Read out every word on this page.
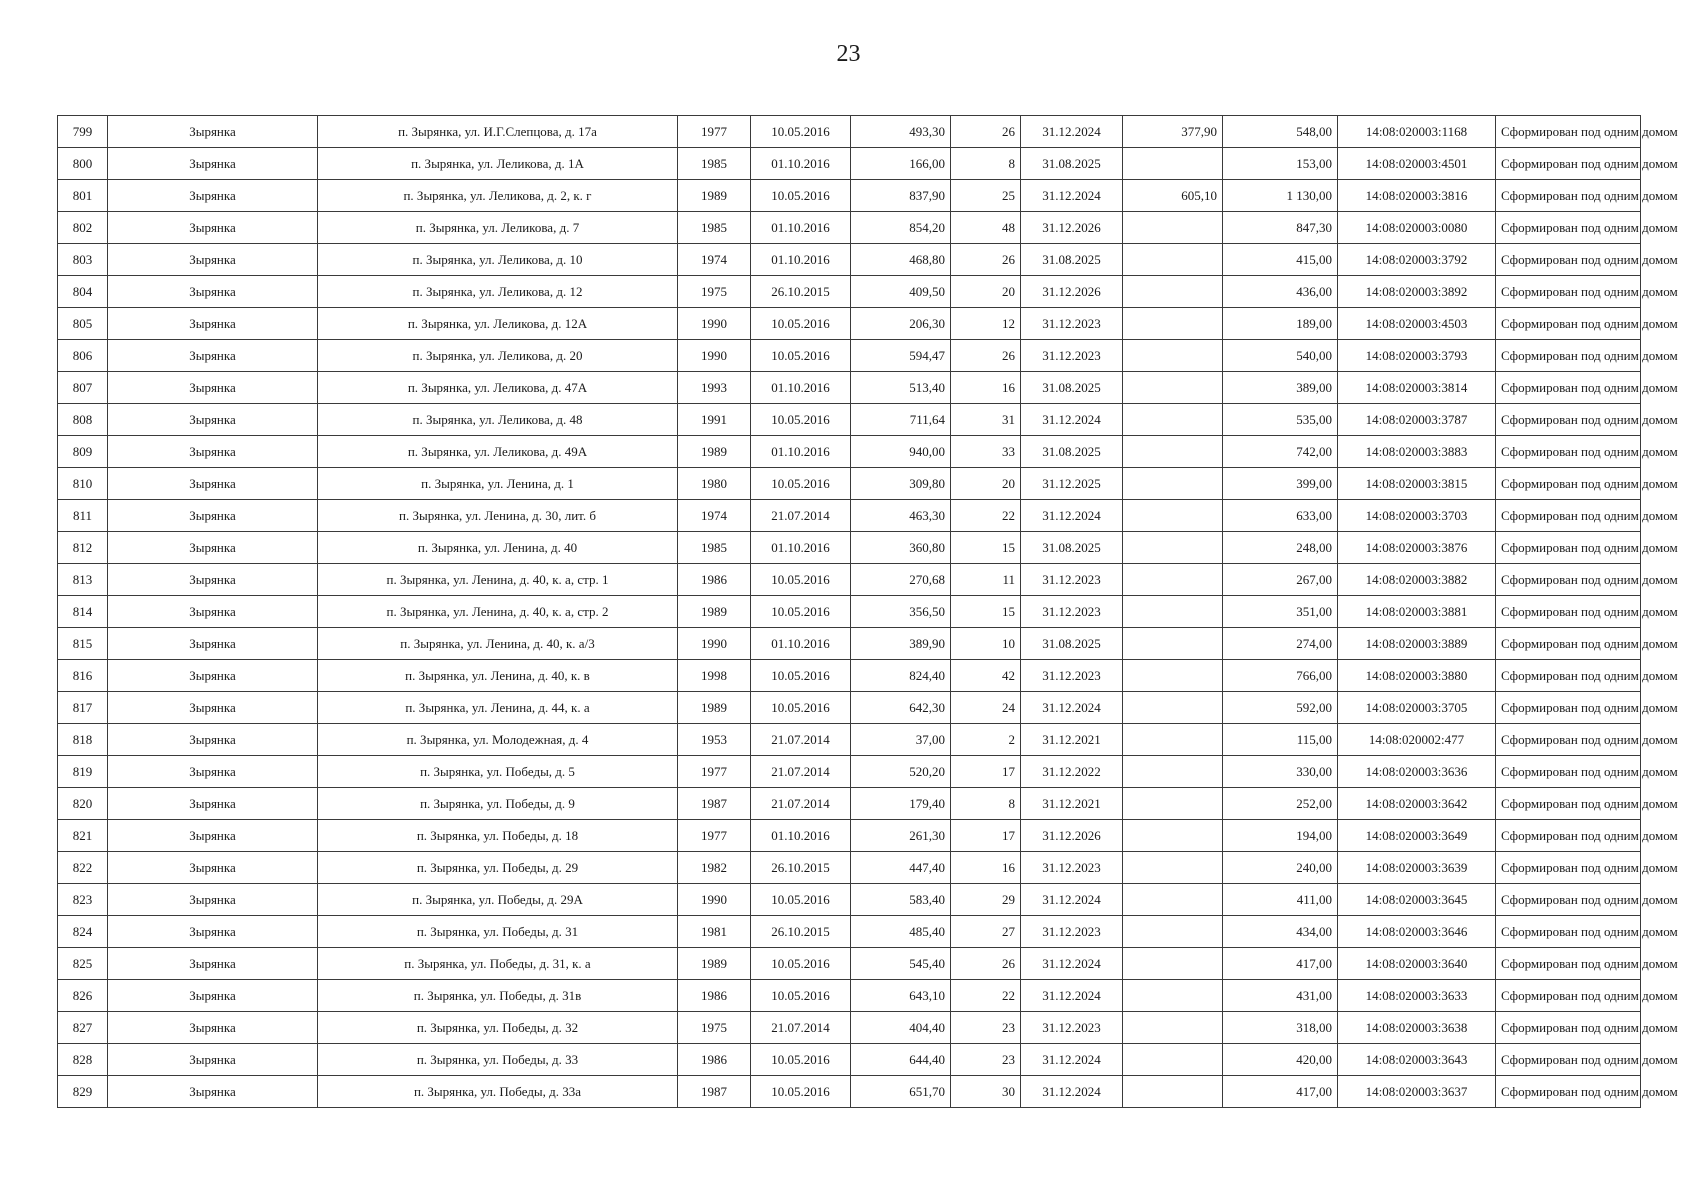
23
799	Зырянка	п. Зырянка, ул. И.Г.Слепцова, д. 17а	1977	10.05.2016	493,30	26	31.12.2024	377,90	548,00	14:08:020003:1168	Сформирован под одним домом
800	Зырянка	п. Зырянка, ул. Леликова, д. 1А	1985	01.10.2016	166,00	8	31.08.2025		153,00	14:08:020003:4501	Сформирован под одним домом
801	Зырянка	п. Зырянка, ул. Леликова, д. 2, к. г	1989	10.05.2016	837,90	25	31.12.2024	605,10	1 130,00	14:08:020003:3816	Сформирован под одним домом
802	Зырянка	п. Зырянка, ул. Леликова, д. 7	1985	01.10.2016	854,20	48	31.12.2026		847,30	14:08:020003:0080	Сформирован под одним домом
803	Зырянка	п. Зырянка, ул. Леликова, д. 10	1974	01.10.2016	468,80	26	31.08.2025		415,00	14:08:020003:3792	Сформирован под одним домом
804	Зырянка	п. Зырянка, ул. Леликова, д. 12	1975	26.10.2015	409,50	20	31.12.2026		436,00	14:08:020003:3892	Сформирован под одним домом
805	Зырянка	п. Зырянка, ул. Леликова, д. 12А	1990	10.05.2016	206,30	12	31.12.2023		189,00	14:08:020003:4503	Сформирован под одним домом
806	Зырянка	п. Зырянка, ул. Леликова, д. 20	1990	10.05.2016	594,47	26	31.12.2023		540,00	14:08:020003:3793	Сформирован под одним домом
807	Зырянка	п. Зырянка, ул. Леликова, д. 47А	1993	01.10.2016	513,40	16	31.08.2025		389,00	14:08:020003:3814	Сформирован под одним домом
808	Зырянка	п. Зырянка, ул. Леликова, д. 48	1991	10.05.2016	711,64	31	31.12.2024		535,00	14:08:020003:3787	Сформирован под одним домом
809	Зырянка	п. Зырянка, ул. Леликова, д. 49А	1989	01.10.2016	940,00	33	31.08.2025		742,00	14:08:020003:3883	Сформирован под одним домом
810	Зырянка	п. Зырянка, ул. Ленина, д. 1	1980	10.05.2016	309,80	20	31.12.2025		399,00	14:08:020003:3815	Сформирован под одним домом
811	Зырянка	п. Зырянка, ул. Ленина, д. 30, лит. б	1974	21.07.2014	463,30	22	31.12.2024		633,00	14:08:020003:3703	Сформирован под одним домом
812	Зырянка	п. Зырянка, ул. Ленина, д. 40	1985	01.10.2016	360,80	15	31.08.2025		248,00	14:08:020003:3876	Сформирован под одним домом
813	Зырянка	п. Зырянка, ул. Ленина, д. 40, к. а, стр. 1	1986	10.05.2016	270,68	11	31.12.2023		267,00	14:08:020003:3882	Сформирован под одним домом
814	Зырянка	п. Зырянка, ул. Ленина, д. 40, к. а, стр. 2	1989	10.05.2016	356,50	15	31.12.2023		351,00	14:08:020003:3881	Сформирован под одним домом
815	Зырянка	п. Зырянка, ул. Ленина, д. 40, к. а/3	1990	01.10.2016	389,90	10	31.08.2025		274,00	14:08:020003:3889	Сформирован под одним домом
816	Зырянка	п. Зырянка, ул. Ленина, д. 40, к. в	1998	10.05.2016	824,40	42	31.12.2023		766,00	14:08:020003:3880	Сформирован под одним домом
817	Зырянка	п. Зырянка, ул. Ленина, д. 44, к. а	1989	10.05.2016	642,30	24	31.12.2024		592,00	14:08:020003:3705	Сформирован под одним домом
818	Зырянка	п. Зырянка, ул. Молодежная, д. 4	1953	21.07.2014	37,00	2	31.12.2021		115,00	14:08:020002:477	Сформирован под одним домом
819	Зырянка	п. Зырянка, ул. Победы, д. 5	1977	21.07.2014	520,20	17	31.12.2022		330,00	14:08:020003:3636	Сформирован под одним домом
820	Зырянка	п. Зырянка, ул. Победы, д. 9	1987	21.07.2014	179,40	8	31.12.2021		252,00	14:08:020003:3642	Сформирован под одним домом
821	Зырянка	п. Зырянка, ул. Победы, д. 18	1977	01.10.2016	261,30	17	31.12.2026		194,00	14:08:020003:3649	Сформирован под одним домом
822	Зырянка	п. Зырянка, ул. Победы, д. 29	1982	26.10.2015	447,40	16	31.12.2023		240,00	14:08:020003:3639	Сформирован под одним домом
823	Зырянка	п. Зырянка, ул. Победы, д. 29А	1990	10.05.2016	583,40	29	31.12.2024		411,00	14:08:020003:3645	Сформирован под одним домом
824	Зырянка	п. Зырянка, ул. Победы, д. 31	1981	26.10.2015	485,40	27	31.12.2023		434,00	14:08:020003:3646	Сформирован под одним домом
825	Зырянка	п. Зырянка, ул. Победы, д. 31, к. а	1989	10.05.2016	545,40	26	31.12.2024		417,00	14:08:020003:3640	Сформирован под одним домом
826	Зырянка	п. Зырянка, ул. Победы, д. 31в	1986	10.05.2016	643,10	22	31.12.2024		431,00	14:08:020003:3633	Сформирован под одним домом
827	Зырянка	п. Зырянка, ул. Победы, д. 32	1975	21.07.2014	404,40	23	31.12.2023		318,00	14:08:020003:3638	Сформирован под одним домом
828	Зырянка	п. Зырянка, ул. Победы, д. 33	1986	10.05.2016	644,40	23	31.12.2024		420,00	14:08:020003:3643	Сформирован под одним домом
829	Зырянка	п. Зырянка, ул. Победы, д. 33а	1987	10.05.2016	651,70	30	31.12.2024		417,00	14:08:020003:3637	Сформирован под одним домом
